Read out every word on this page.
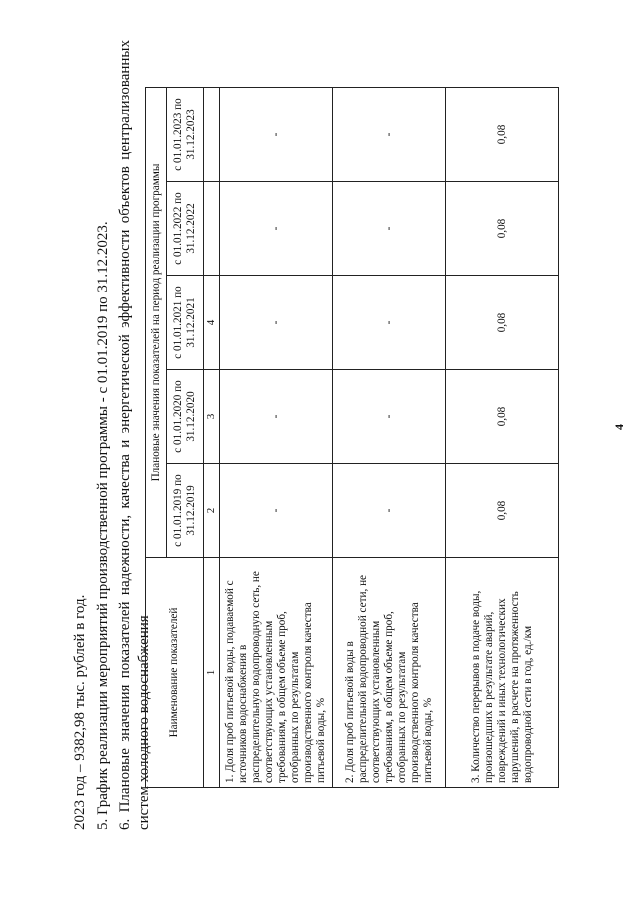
4
2023 год – 9382,98 тыс. рублей в год. 5. График реализации мероприятий производственной программы - с 01.01.2019 по 31.12.2023. 6. Плановые значения показателей надежности, качества и энергетической эффективности объектов централизованных систем холодного водоснабжения Наименование показателей	Плановые значения показателей на период реализации программы				
	с 01.01.2019 по 31.12.2019	с 01.01.2020 по 31.12.2020	с 01.01.2021 по 31.12.2021	с 01.01.2022 по 31.12.2022	с 01.01.2023 по 31.12.2023
1	2	3	4		
1. Доля проб питьевой воды, подаваемой с источников водоснабжения в распределительную водопроводную сеть, не соответствующих установленным требованиям, в общем объеме проб, отобранных по результатам производственного контроля качества питьевой воды, %	-	-	-	-	-
2. Доля проб питьевой воды в распределительной водопроводной сети, не соответствующих установленным требованиям, в общем объеме проб, отобранных по результатам производственного контроля качества питьевой воды, %	-	-	-	-	-
3. Количество перерывов в подаче воды, произошедших в результате аварий, повреждений и иных технологических нарушений, в расчете на протяженность водопроводной сети в год, ед./км	0,08	0,08	0,08	0,08	0,08
